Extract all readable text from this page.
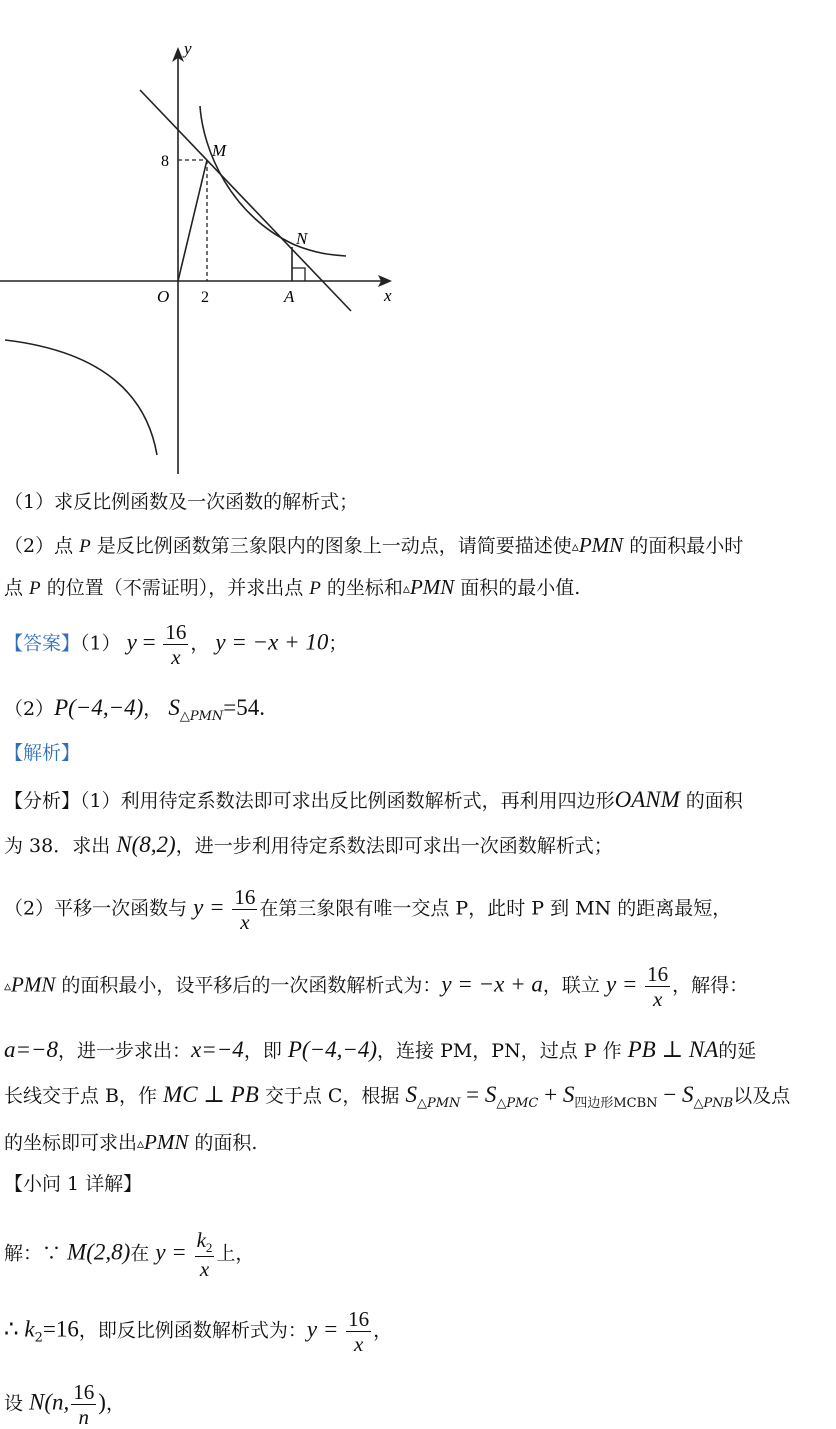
y
x
O
8
2
M
N
A
（1）求反比例函数及一次函数的解析式；
（2）点 P 是反比例函数第三象限内的图象上一动点，请简要描述使▵PMN 的面积最小时
点 P 的位置（不需证明），并求出点 P 的坐标和▵PMN 面积的最小值.
【答案】（1） $y = \frac{16}{x}$ ， y = −x + 10；
（2）P(−4,−4)， $S_{\triangle PMN}=54$.
【解析】
【分析】（1）利用待定系数法即可求出反比例函数解析式，再利用四边形OANM 的面积
为 38．求出 N(8,2)，进一步利用待定系数法即可求出一次函数解析式；
（2）平移一次函数与 $y = \frac{16}{x}$ 在第三象限有唯一交点 P，此时 P 到 MN 的距离最短，
▵PMN 的面积最小，设平移后的一次函数解析式为：y = −x + a，联立 $y = \frac{16}{x}$ ，解得：
a=−8，进一步求出：x=−4，即 P(−4,−4)，连接 PM，PN，过点 P 作 PB ⊥ NA的延
长线交于点 B，作 MC ⊥ PB 交于点 C，根据 $S_{\triangle PMN} = S_{\triangle PMC} + S_{四边形MCBN} - S_{\triangle PNB}$以及点
的坐标即可求出▵PMN 的面积.
【小问 1 详解】
解：∵ M(2,8)在 $y = \frac{k_2}{x}$ 上，
∴ $k_2=16$，即反比例函数解析式为：$y = \frac{16}{x}$ ，
设 N(n, $\frac{16}{n}$ )，
